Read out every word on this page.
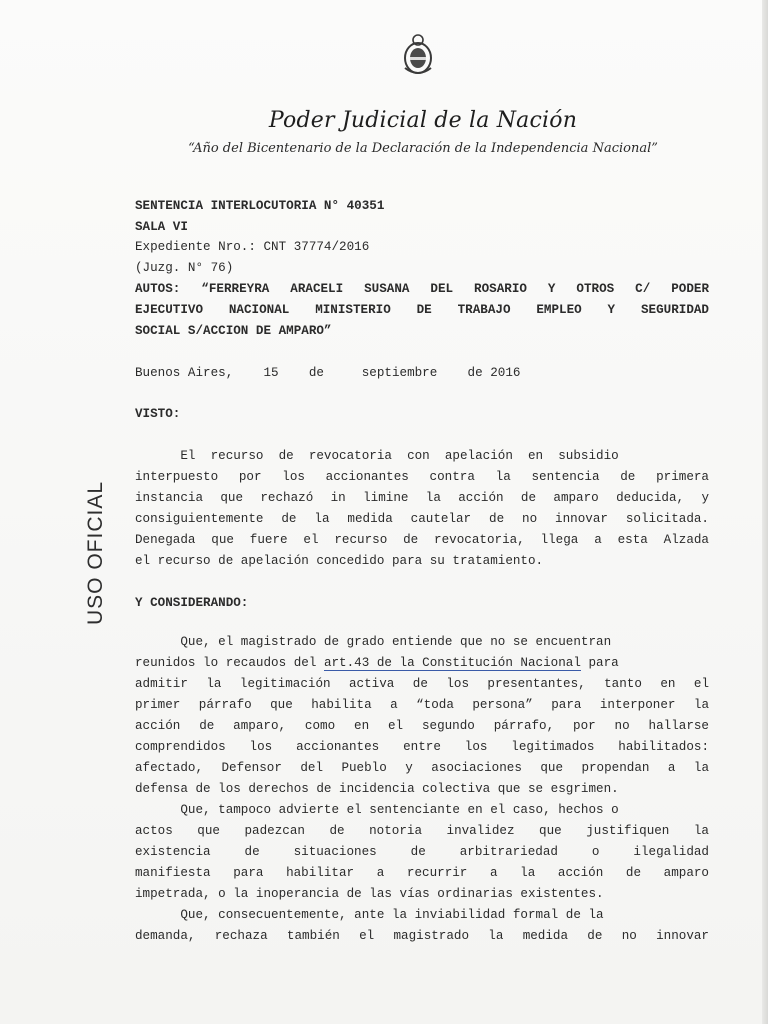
Poder Judicial de la Nación
“Año del Bicentenario de la Declaración de la Independencia Nacional”
USO OFICIAL
SENTENCIA INTERLOCUTORIA N° 40351
SALA VI
Expediente Nro.: CNT 37774/2016
(Juzg. N° 76)
AUTOS: “FERREYRA ARACELI SUSANA DEL ROSARIO Y OTROS C/ PODER
EJECUTIVO NACIONAL MINISTERIO DE TRABAJO EMPLEO Y SEGURIDAD
SOCIAL S/ACCION DE AMPARO”
Buenos Aires,    15    de     septiembre    de 2016
VISTO:
El  recurso  de  revocatoria  con  apelación  en  subsidio
interpuesto por los accionantes contra la sentencia de primera
instancia que rechazó in limine la acción de amparo deducida, y
consiguientemente de la medida cautelar de no innovar solicitada.
Denegada que fuere el recurso de revocatoria, llega a esta Alzada
el recurso de apelación concedido para su tratamiento.
Y CONSIDERANDO:
Que, el magistrado de grado entiende que no se encuentran
reunidos lo recaudos del art.43 de la Constitución Nacional para
admitir la legitimación activa de los presentantes, tanto en el
primer párrafo que habilita a “toda persona” para interponer la
acción de amparo, como en el segundo párrafo, por no hallarse
comprendidos los accionantes entre los legitimados habilitados:
afectado, Defensor del Pueblo y asociaciones que propendan a la
defensa de los derechos de incidencia colectiva que se esgrimen.
Que, tampoco advierte el sentenciante en el caso, hechos o
actos que padezcan de notoria invalidez que justifiquen la
existencia de situaciones de arbitrariedad o ilegalidad
manifiesta para habilitar a recurrir a la acción de amparo
impetrada, o la inoperancia de las vías ordinarias existentes.
Que, consecuentemente, ante la inviabilidad formal de la
demanda, rechaza también el magistrado la medida de no innovar
